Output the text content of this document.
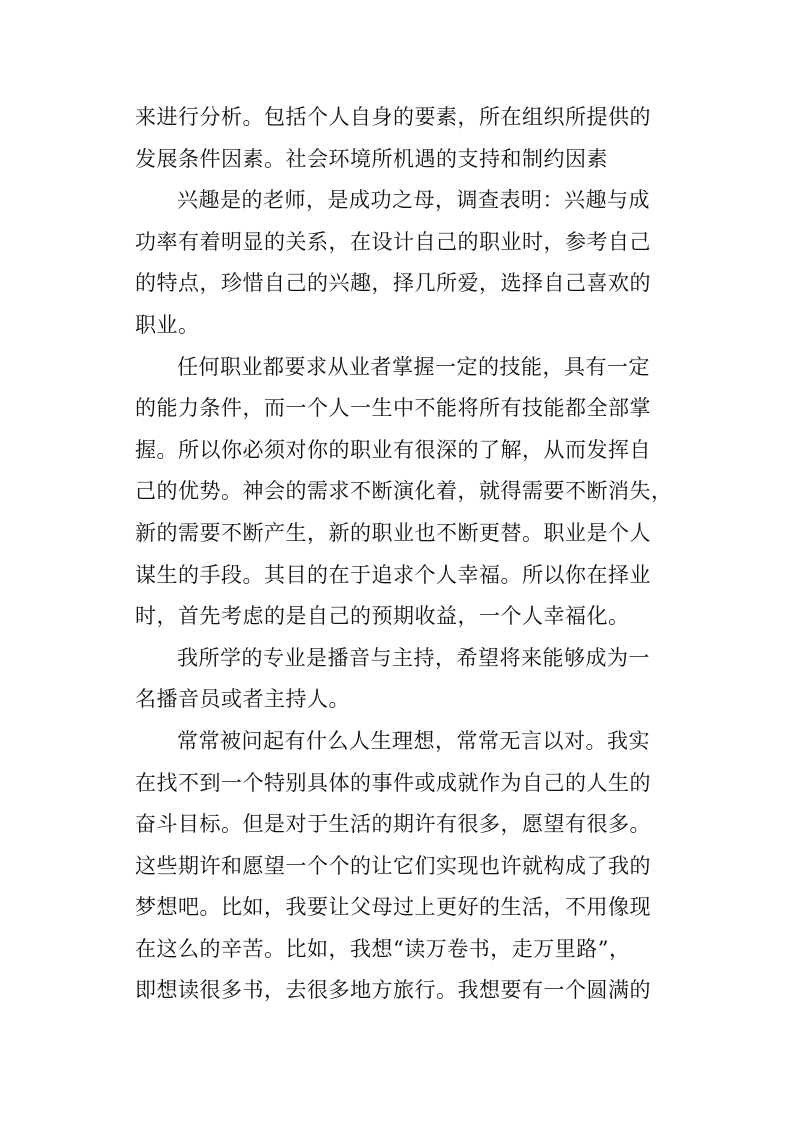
来进行分析。包括个人自身的要素，所在组织所提供的
发展条件因素。社会环境所机遇的支持和制约因素
兴趣是的老师，是成功之母，调查表明：兴趣与成
功率有着明显的关系，在设计自己的职业时，参考自己
的特点，珍惜自己的兴趣，择几所爱，选择自己喜欢的
职业。
任何职业都要求从业者掌握一定的技能，具有一定
的能力条件，而一个人一生中不能将所有技能都全部掌
握。所以你必须对你的职业有很深的了解，从而发挥自
己的优势。神会的需求不断演化着，就得需要不断消失，
新的需要不断产生，新的职业也不断更替。职业是个人
谋生的手段。其目的在于追求个人幸福。所以你在择业
时，首先考虑的是自己的预期收益，一个人幸福化。
我所学的专业是播音与主持，希望将来能够成为一
名播音员或者主持人。
常常被问起有什么人生理想，常常无言以对。我实
在找不到一个特别具体的事件或成就作为自己的人生的
奋斗目标。但是对于生活的期许有很多，愿望有很多。
这些期许和愿望一个个的让它们实现也许就构成了我的
梦想吧。比如，我要让父母过上更好的生活，不用像现
在这么的辛苦。比如，我想“读万卷书，走万里路”，
即想读很多书，去很多地方旅行。我想要有一个圆满的
